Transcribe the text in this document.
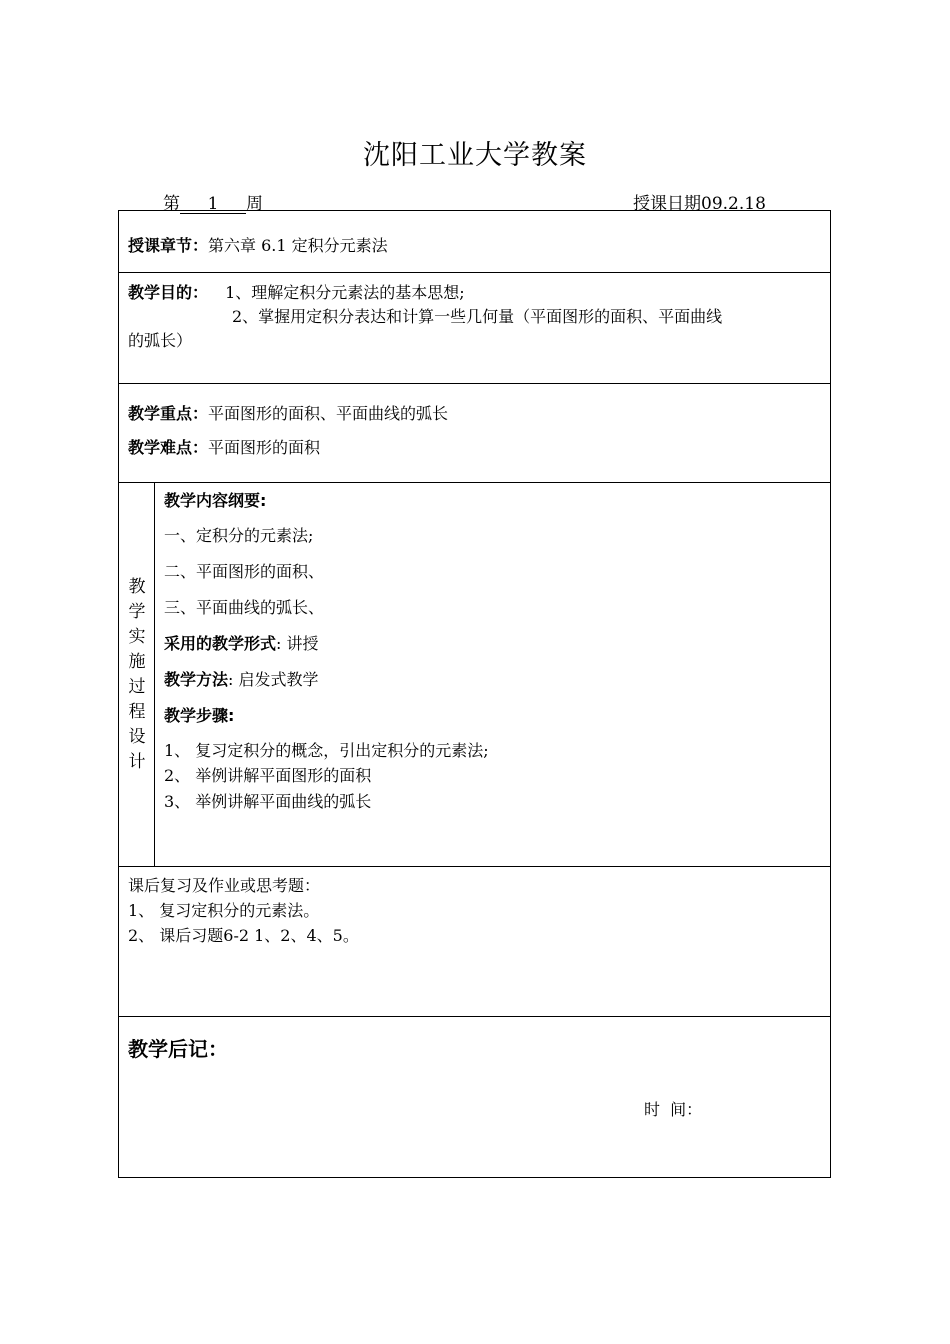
沈阳工业大学教案
第 1 周	授课日期09.2.18
授课章节：第六章 6.1 定积分元素法
教学目的： 1、理解定积分元素法的基本思想;
2、掌握用定积分表达和计算一些几何量（平面图形的面积、平面曲线
的弧长）
教学重点：平面图形的面积、平面曲线的弧长
教学难点：平面图形的面积
教
学
实
施
过
程
设
计
教学内容纲要:
一、定积分的元素法;
二、平面图形的面积、
三、平面曲线的弧长、
采用的教学形式: 讲授
教学方法: 启发式教学
教学步骤:
1、 复习定积分的概念，引出定积分的元素法;
2、 举例讲解平面图形的面积
3、 举例讲解平面曲线的弧长
课后复习及作业或思考题：
1、 复习定积分的元素法。
2、 课后习题6-2 1、2、4、5。
教学后记：
时  间：
